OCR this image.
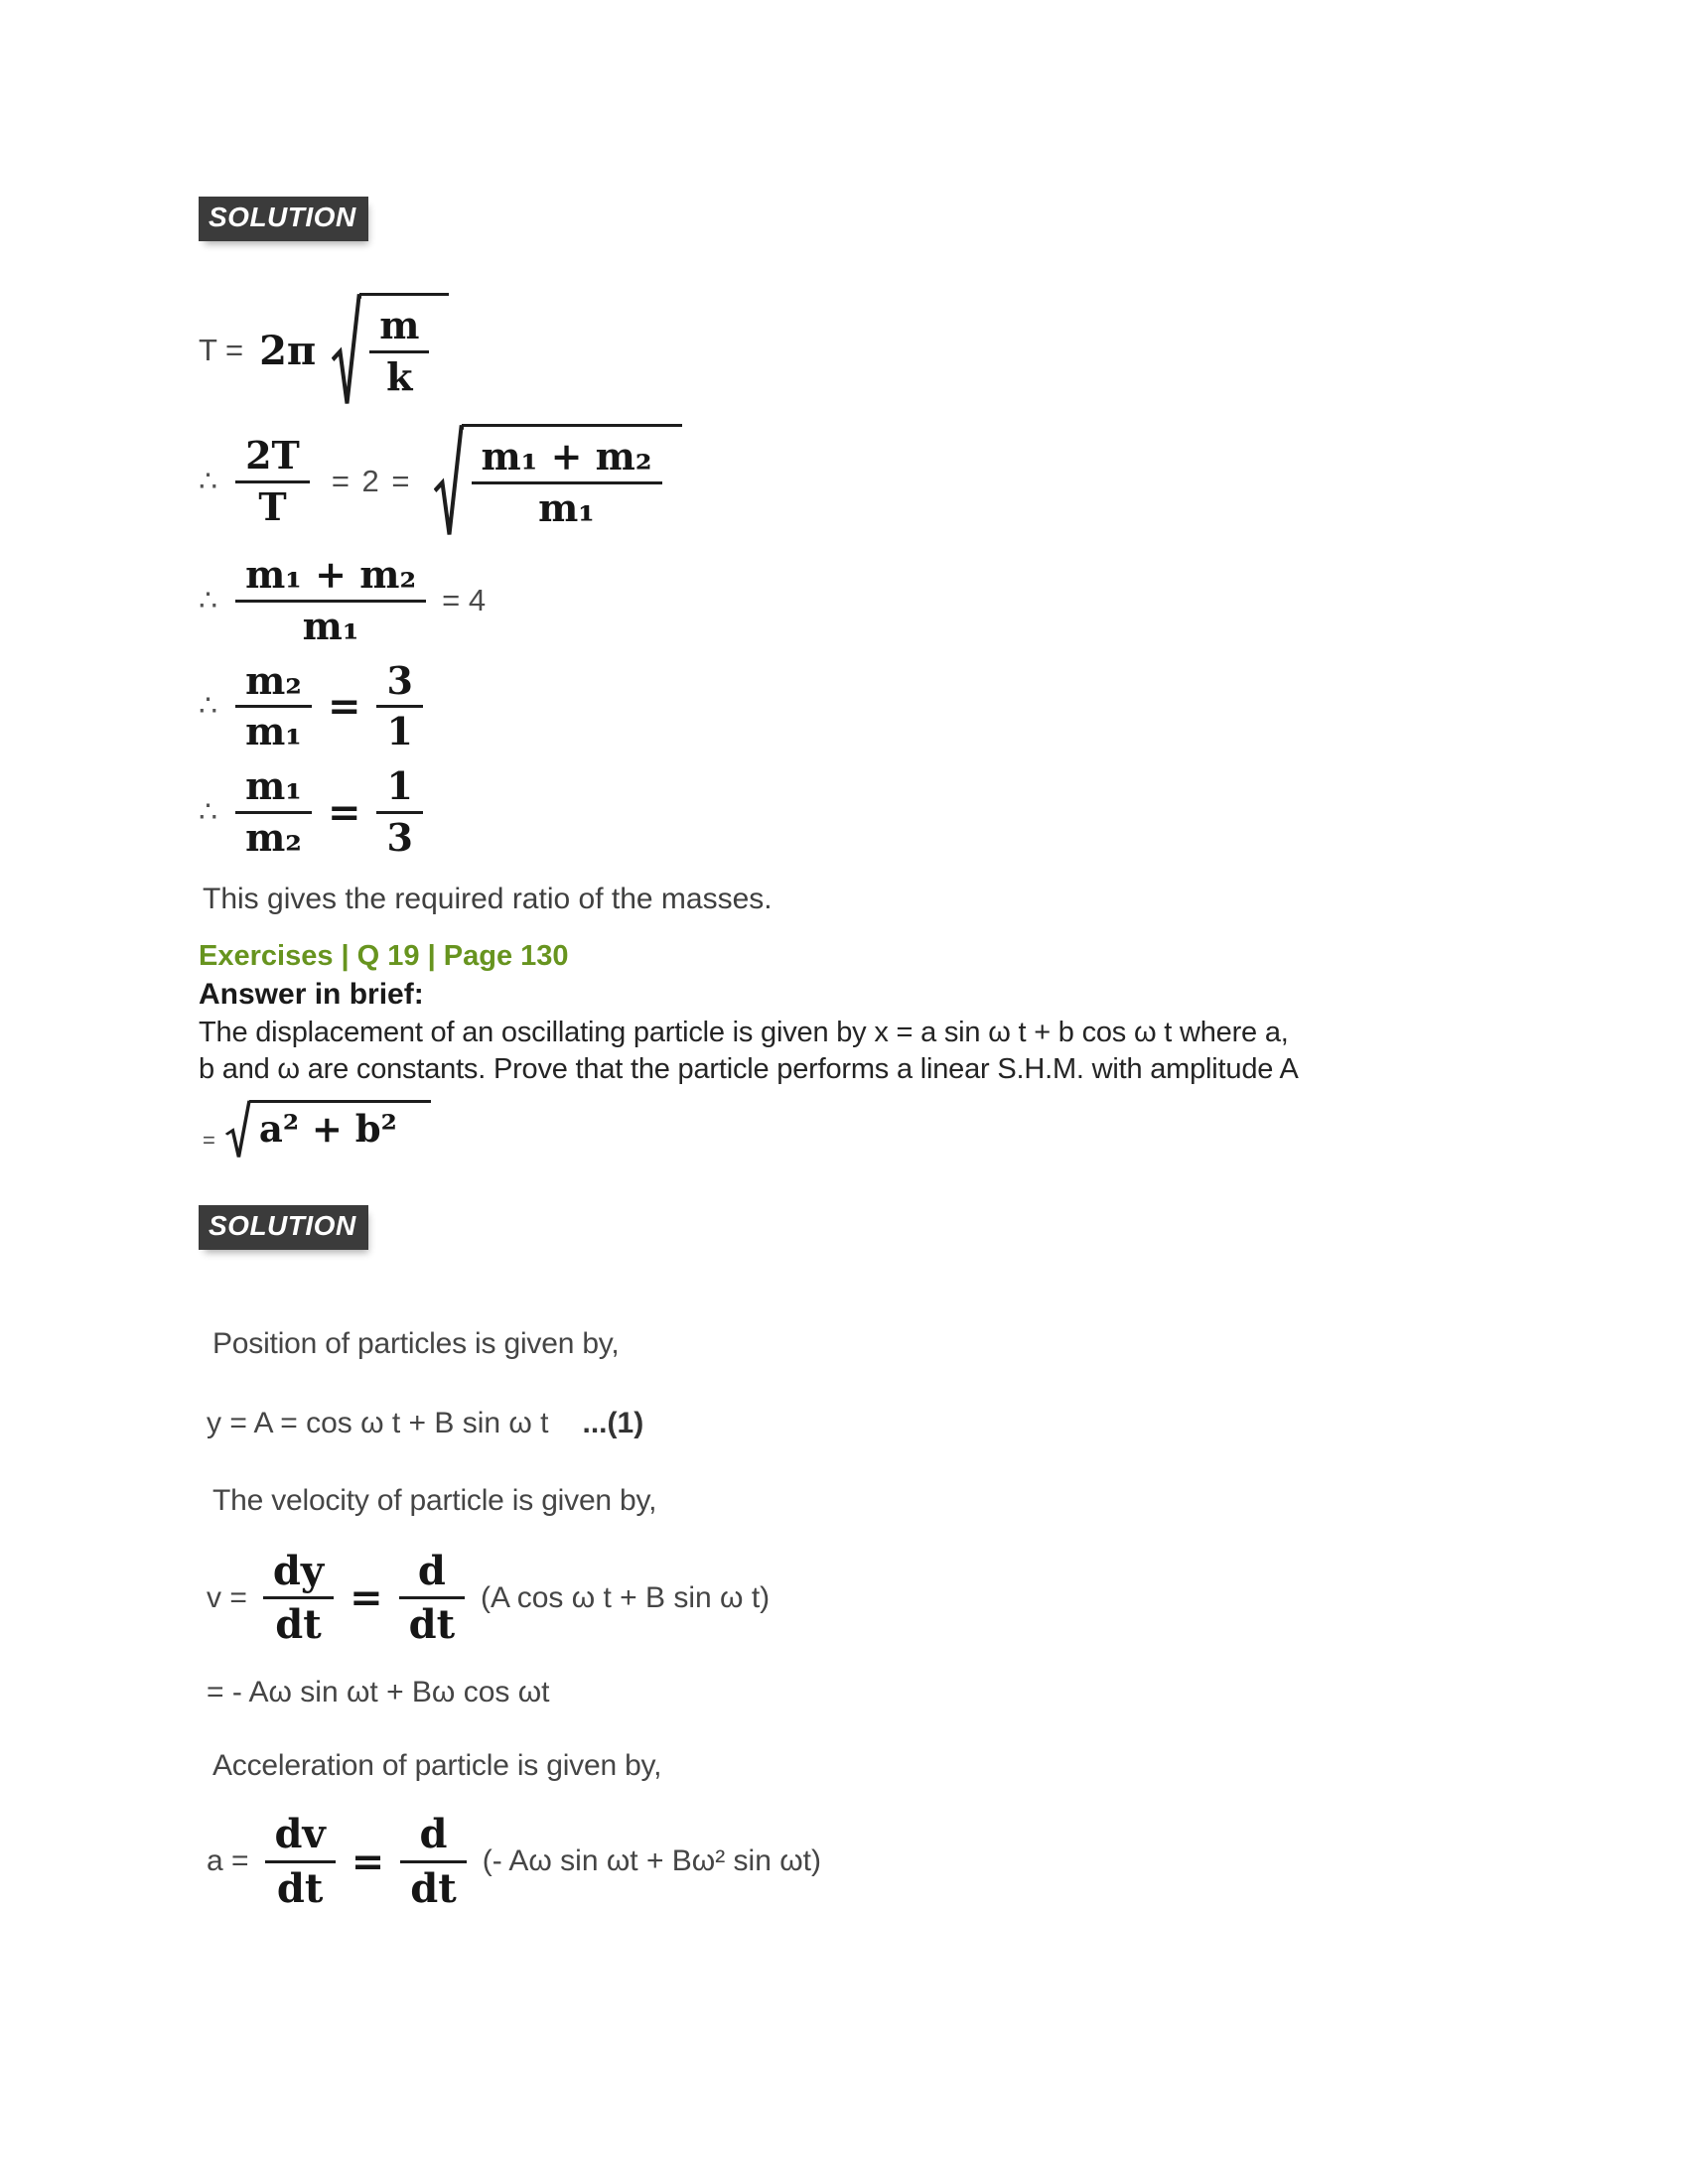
SOLUTION
$T = 2\pi \frac{m}{k}$
∴ $\frac{2T}{T} = 2 = \frac{\text{m₁ + m₂}}{\text{m₁}}$
∴ $\frac{\text{m₁ + m₂}}{\text{m₁}} = 4$
∴ $\frac{\text{m₂}}{\text{m₁}} = \frac{3}{1}$
∴ $\frac{\text{m₁}}{\text{m₂}} = \frac{1}{3}$
This gives the required ratio of the masses.
Exercises | Q 19 | Page 130
Answer in brief:
The displacement of an oscillating particle is given by x = a sin ω t + b cos ω t where a,
b and ω are constants. Prove that the particle performs a linear S.H.M. with amplitude A
= a² + b²
SOLUTION
Position of particles is given by,
y = A = cos ω t + B sin ω t ...(1)
The velocity of particle is given by,
$v = \frac{dy}{dt} = \frac{d}{dt} (A$ cos ω t + B sin ω t)
= - Aω sin ωt + Bω cos ωt
Acceleration of particle is given by,
$a = \frac{dv}{dt} = \frac{d}{dt}$ (- Aω sin ωt + Bω² sin ωt)
